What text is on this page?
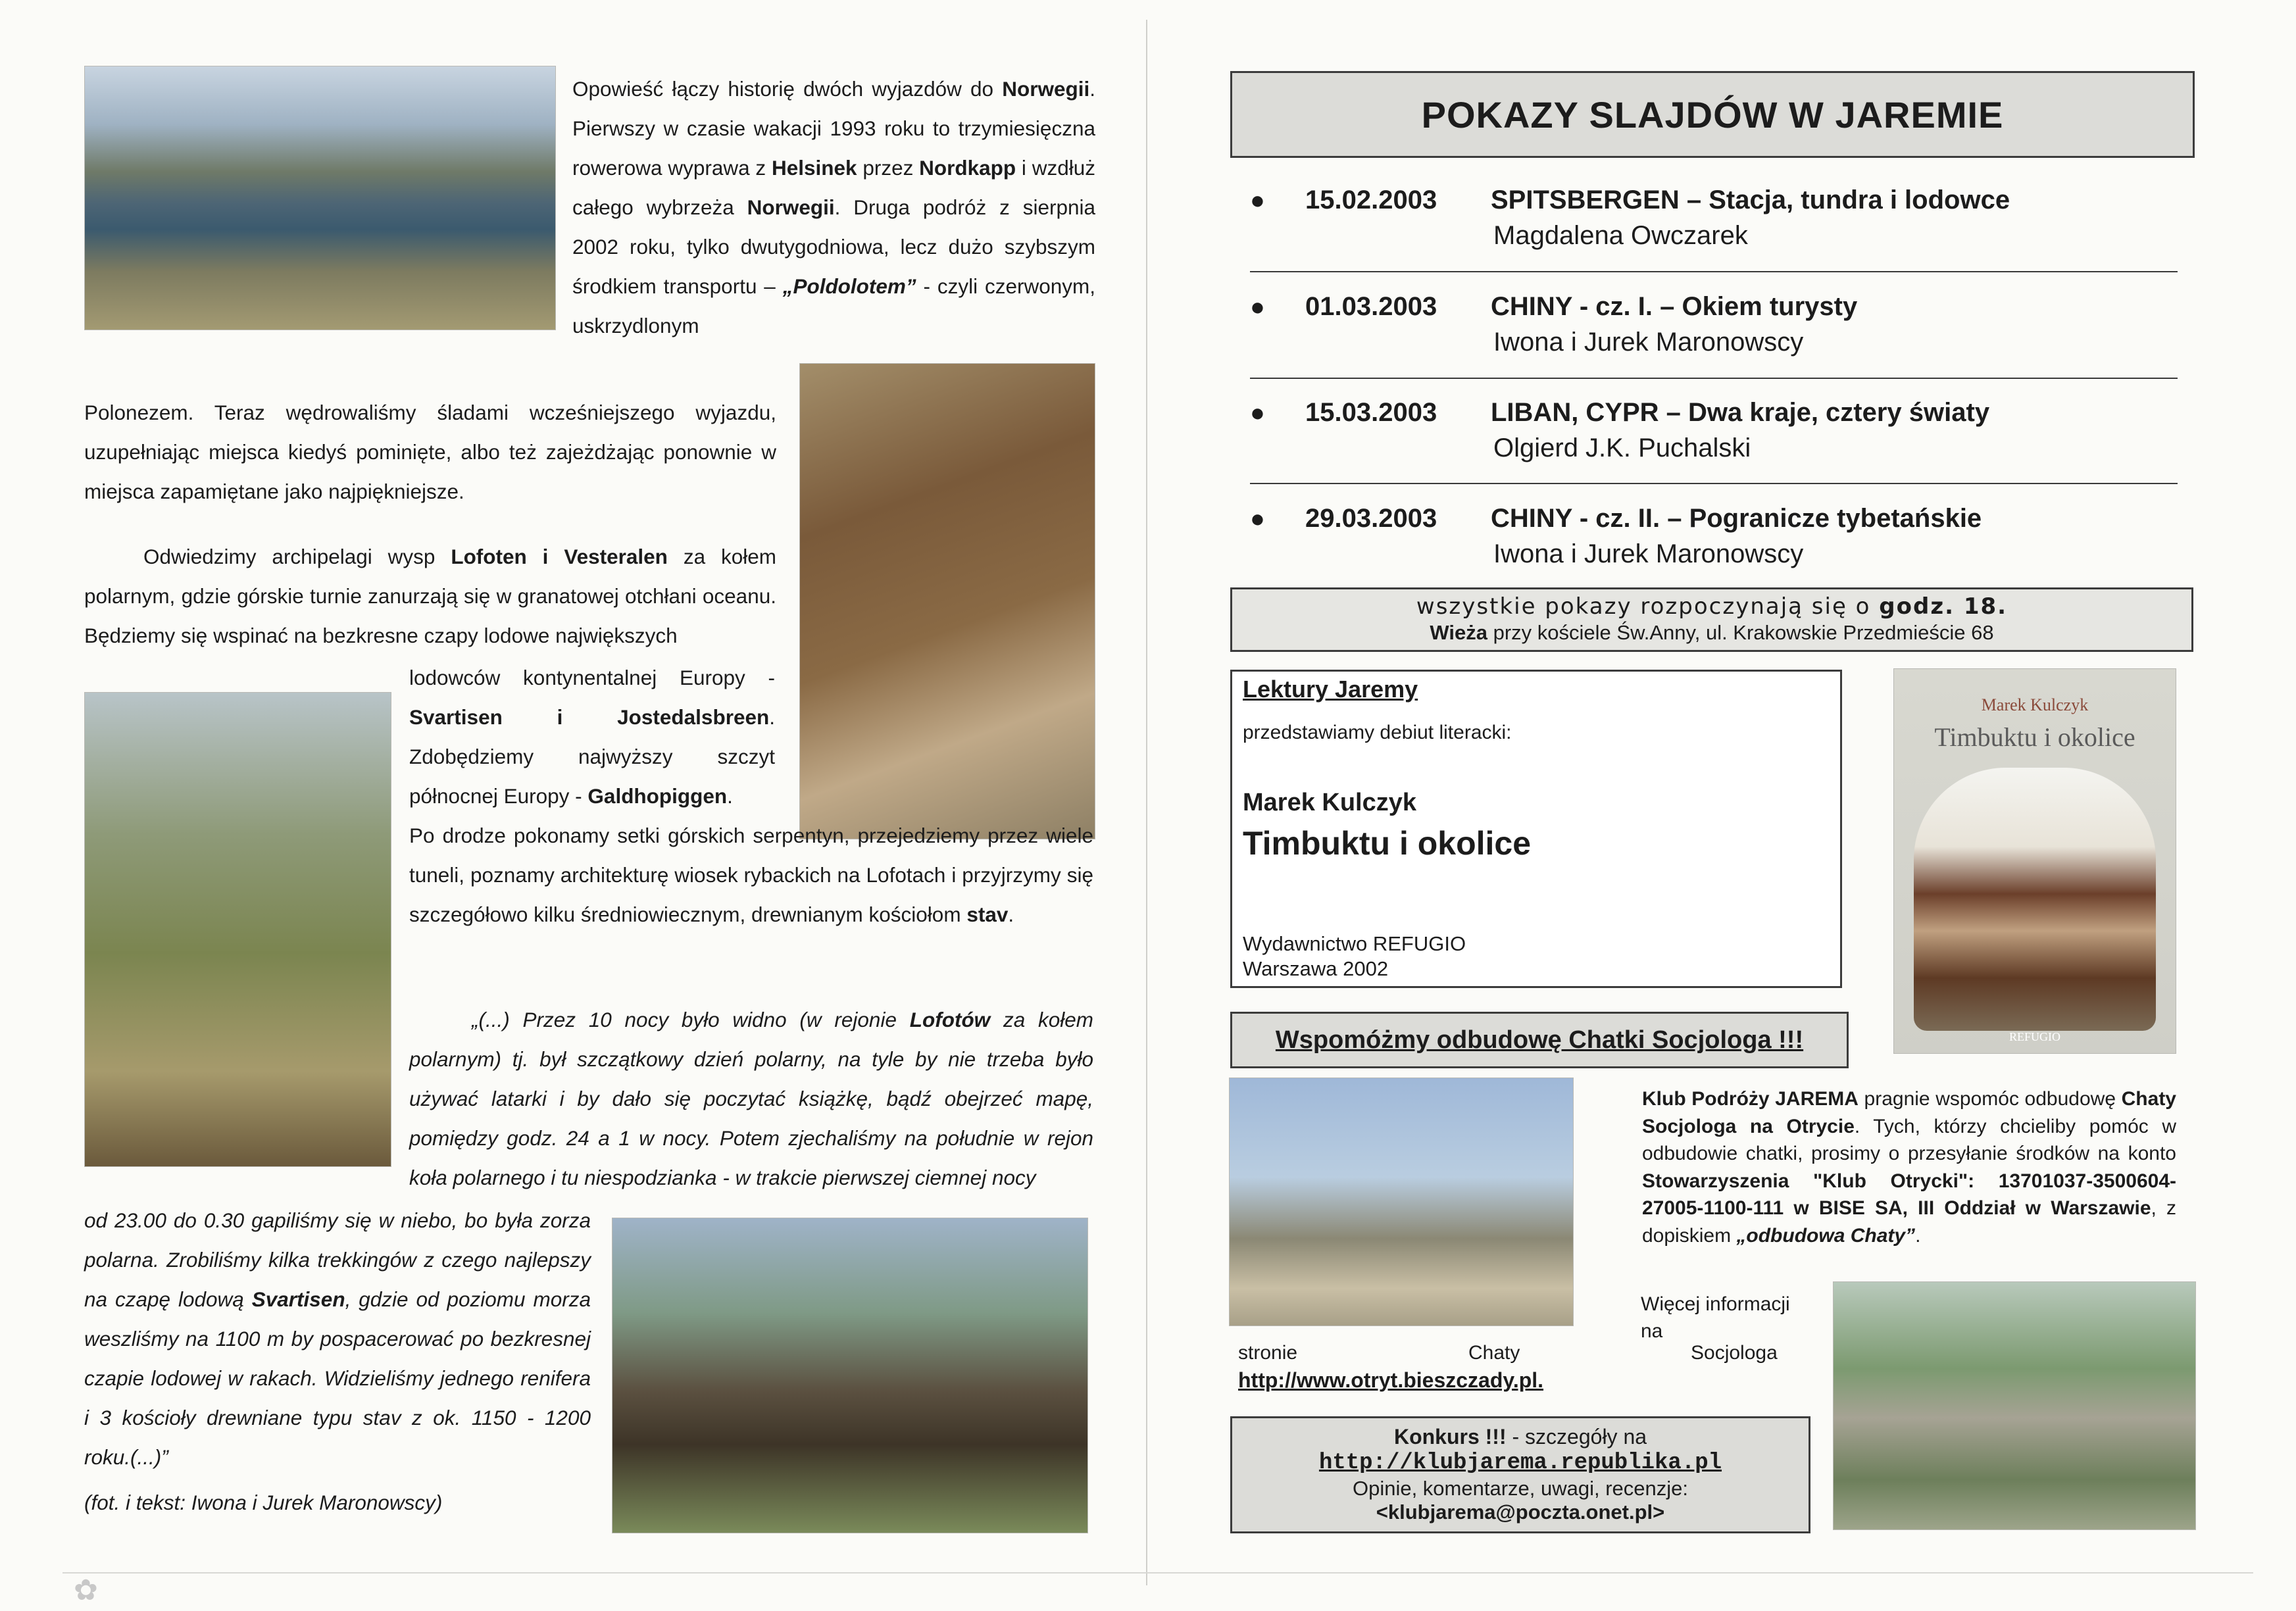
✿

Opowieść łączy historię dwóch wyjazdów do Norwegii. Pierwszy w czasie wakacji 1993 roku to trzymiesięczna rowerowa wyprawa z Helsinek przez Nordkapp i wzdłuż całego wybrzeża Norwegii. Druga podróż z sierpnia 2002 roku, tylko dwutygodniowa, lecz dużo szybszym środkiem transportu – „Poldolotem” - czyli czerwonym, uskrzydlonym

Polonezem. Teraz wędrowaliśmy śladami wcześniejszego wyjazdu, uzupełniając miejsca kiedyś pominięte, albo też zajeżdżając ponownie w miejsca zapamiętane jako najpiękniejsze.

Odwiedzimy archipelagi wysp Lofoten i Vesteralen za kołem polarnym, gdzie górskie turnie zanurzają się w granatowej otchłani oceanu. Będziemy się wspinać na bezkresne czapy lodowe największych

lodowców kontynentalnej Europy - Svartisen i Jostedalsbreen. Zdobędziemy najwyższy szczyt północnej Europy - Galdhopiggen.

Po drodze pokonamy setki górskich serpentyn, przejedziemy przez wiele tuneli, poznamy architekturę wiosek rybackich na Lofotach i przyjrzymy się szczegółowo kilku średniowiecznym, drewnianym kościołom stav.

„(...) Przez 10 nocy było widno (w rejonie Lofotów za kołem polarnym) tj. był szczątkowy dzień polarny, na tyle by nie trzeba było używać latarki i by dało się poczytać książkę, bądź obejrzeć mapę, pomiędzy godz. 24 a 1 w nocy. Potem zjechaliśmy na południe w rejon koła polarnego i tu niespodzianka - w trakcie pierwszej ciemnej nocy

od 23.00 do 0.30 gapiliśmy się w niebo, bo była zorza polarna. Zrobiliśmy kilka trekkingów z czego najlepszy na czapę lodową Svartisen, gdzie od poziomu morza weszliśmy na 1100 m by pospacerować po bezkresnej czapie lodowej w rakach. Widzieliśmy jednego renifera i 3 kościoły drewniane typu stav z ok. 1150 - 1200 roku.(...)”

(fot. i tekst: Iwona i Jurek Maronowscy)
POKAZY SLAJDÓW W JAREMIE
● 15.02.2003 SPITSBERGEN – Stacja, tundra i lodowce
Magdalena Owczarek
● 01.03.2003 CHINY - cz. I. – Okiem turysty
Iwona i Jurek Maronowscy
● 15.03.2003 LIBAN, CYPR – Dwa kraje, cztery światy
Olgierd J.K. Puchalski
● 29.03.2003 CHINY - cz. II. – Pogranicze tybetańskie
Iwona i Jurek Maronowscy
wszystkie pokazy rozpoczynają się o godz. 18.
Wieża przy kościele Św.Anny, ul. Krakowskie Przedmieście 68
Lektury Jaremy
przedstawiamy debiut literacki:
Marek Kulczyk
Timbuktu i okolice
Wydawnictwo REFUGIO
Warszawa 2002
Marek Kulczyk
Timbuktu i okolice
REFUGIO
Wspomóżmy odbudowę Chatki Socjologa !!!

Klub Podróży JAREMA pragnie wspomóc odbudowę Chaty Socjologa na Otrycie. Tych, którzy chcieliby pomóc w odbudowie chatki, prosimy o przesyłanie środków na konto Stowarzyszenia "Klub Otrycki": 13701037-3500604-27005-1100-111 w BISE SA, III Oddział w Warszawie, z dopiskiem „odbudowa Chaty”.

Więcej informacji na
stronie	Chaty	Socjologa
http://www.otryt.bieszczady.pl.
Konkurs !!! - szczegóły na
http://klubjarema.republika.pl
Opinie, komentarze, uwagi, recenzje:
<klubjarema@poczta.onet.pl>
